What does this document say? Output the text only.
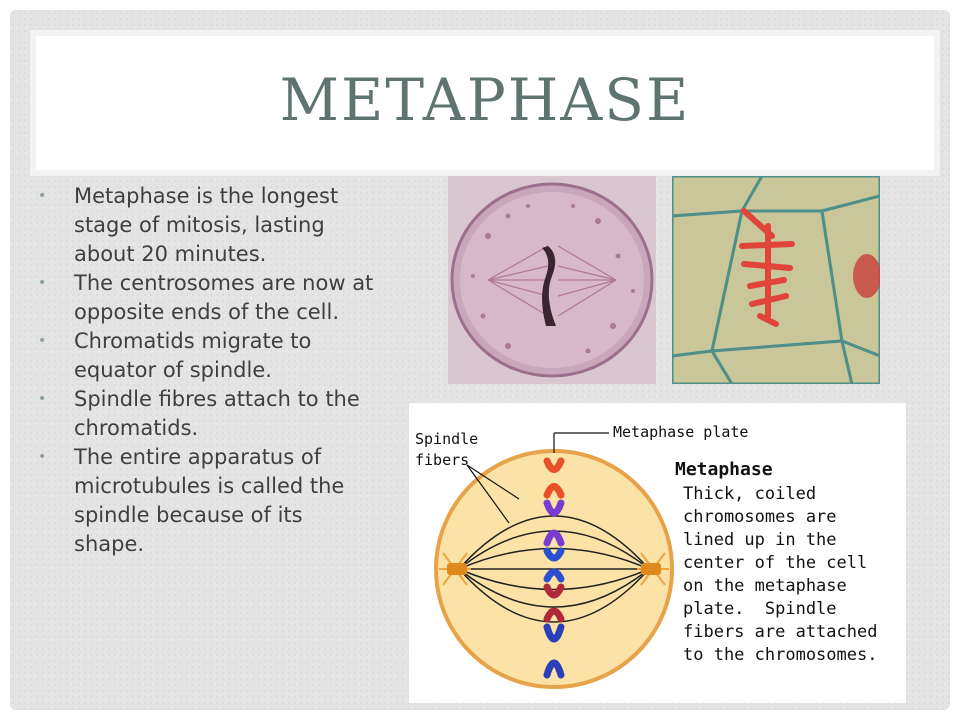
METAPHASE
• Metaphase is the longest stage of mitosis, lasting about 20 minutes.
• The centrosomes are now at opposite ends of the cell.
• Chromatids migrate to equator of spindle.
• Spindle fibres attach to the chromatids.
• The entire apparatus of microtubules is called the spindle because of its shape.
Spindle
fibers
Metaphase plate
Metaphase
Thick, coiled
chromosomes are
lined up in the
center of the cell
on the metaphase
plate.  Spindle
fibers are attached
to the chromosomes.
